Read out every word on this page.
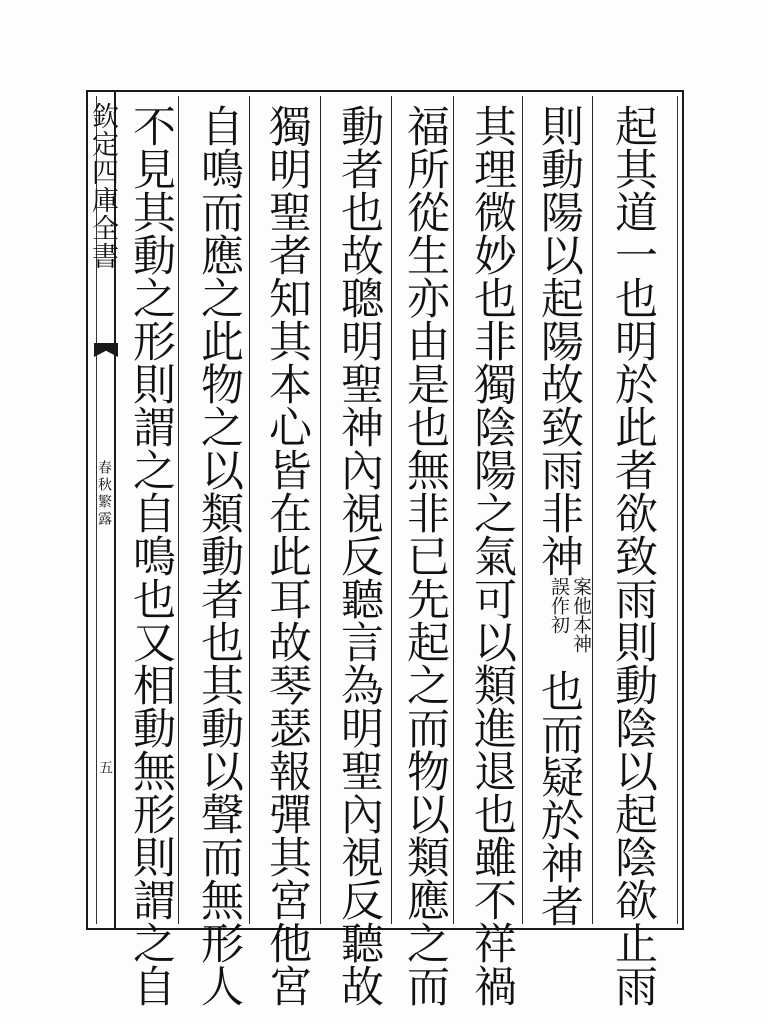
欽定四庫全書
春秋繁露
五	起其道一也明於此者欲致雨則動陰以起陰欲止雨
則動陽以起陽故致雨非神案他本神誤作初也而疑於神者
其理微妙也非獨陰陽之氣可以類進退也雖不祥禍
福所從生亦由是也無非已先起之而物以類應之而
動者也故聰明聖神內視反聽言為明聖內視反聽故
獨明聖者知其本心皆在此耳故琴瑟報彈其宮他宮
自鳴而應之此物之以類動者也其動以聲而無形人
不見其動之形則謂之自鳴也又相動無形則謂之自
